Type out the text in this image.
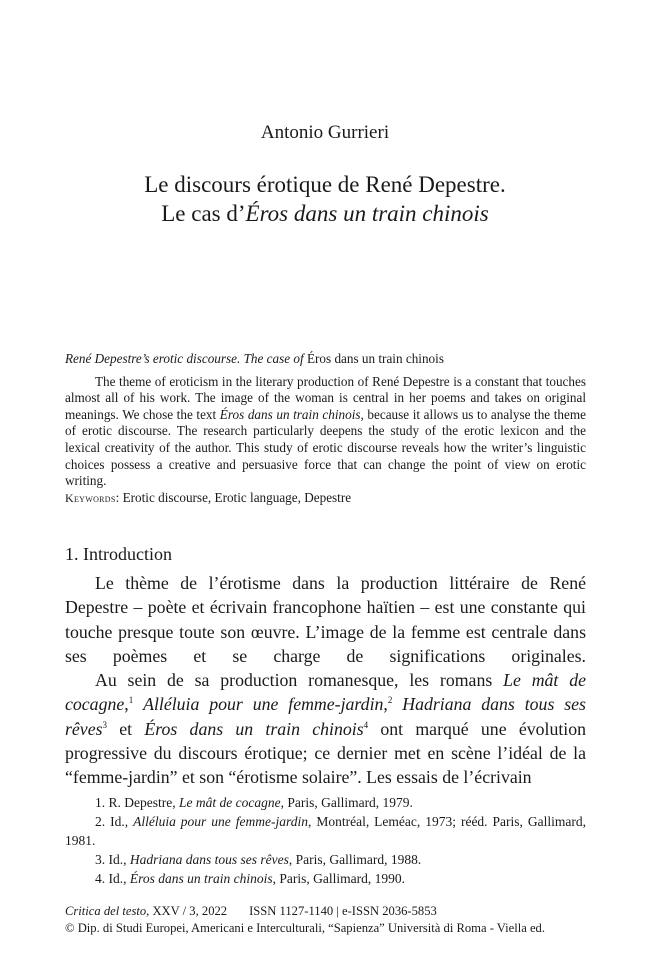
Antonio Gurrieri
Le discours érotique de René Depestre.
Le cas d’Éros dans un train chinois

René Depestre’s erotic discourse. The case of Éros dans un train chinois

The theme of eroticism in the literary production of René Depestre is a constant that touches almost all of his work. The image of the woman is central in her poems and takes on original meanings. We chose the text Éros dans un train chinois, because it allows us to analyse the theme of erotic discourse. The research particularly deepens the study of the erotic lexicon and the lexical creativity of the author. This study of erotic discourse reveals how the writer’s linguistic choices possess a creative and persuasive force that can change the point of view on erotic writing.

Keywords: Erotic discourse, Erotic language, Depestre

1. Introduction

Le thème de l’érotisme dans la production littéraire de René Depestre – poète et écrivain francophone haïtien – est une constante qui touche presque toute son œuvre. L’image de la femme est centrale dans ses poèmes et se charge de significations originales.

Au sein de sa production romanesque, les romans Le mât de cocagne,$^1$ Alléluia pour une femme-jardin,$^2$ Hadriana dans tous ses rêves$^3$ et Éros dans un train chinois$^4$ ont marqué une évolution progressive du discours érotique; ce dernier met en scène l’idéal de la “femme-jardin” et son “érotisme solaire”. Les essais de l’écrivain

1. R. Depestre, Le mât de cocagne, Paris, Gallimard, 1979.
2. Id., Alléluia pour une femme-jardin, Montréal, Leméac, 1973; rééd. Paris, Gallimard, 1981.
3. Id., Hadriana dans tous ses rêves, Paris, Gallimard, 1988.
4. Id., Éros dans un train chinois, Paris, Gallimard, 1990.
Critica del testo, XXV / 3, 2022 ISSN 1127-1140 | e-ISSN 2036-5853
© Dip. di Studi Europei, Americani e Interculturali, “Sapienza” Università di Roma - Viella ed.
